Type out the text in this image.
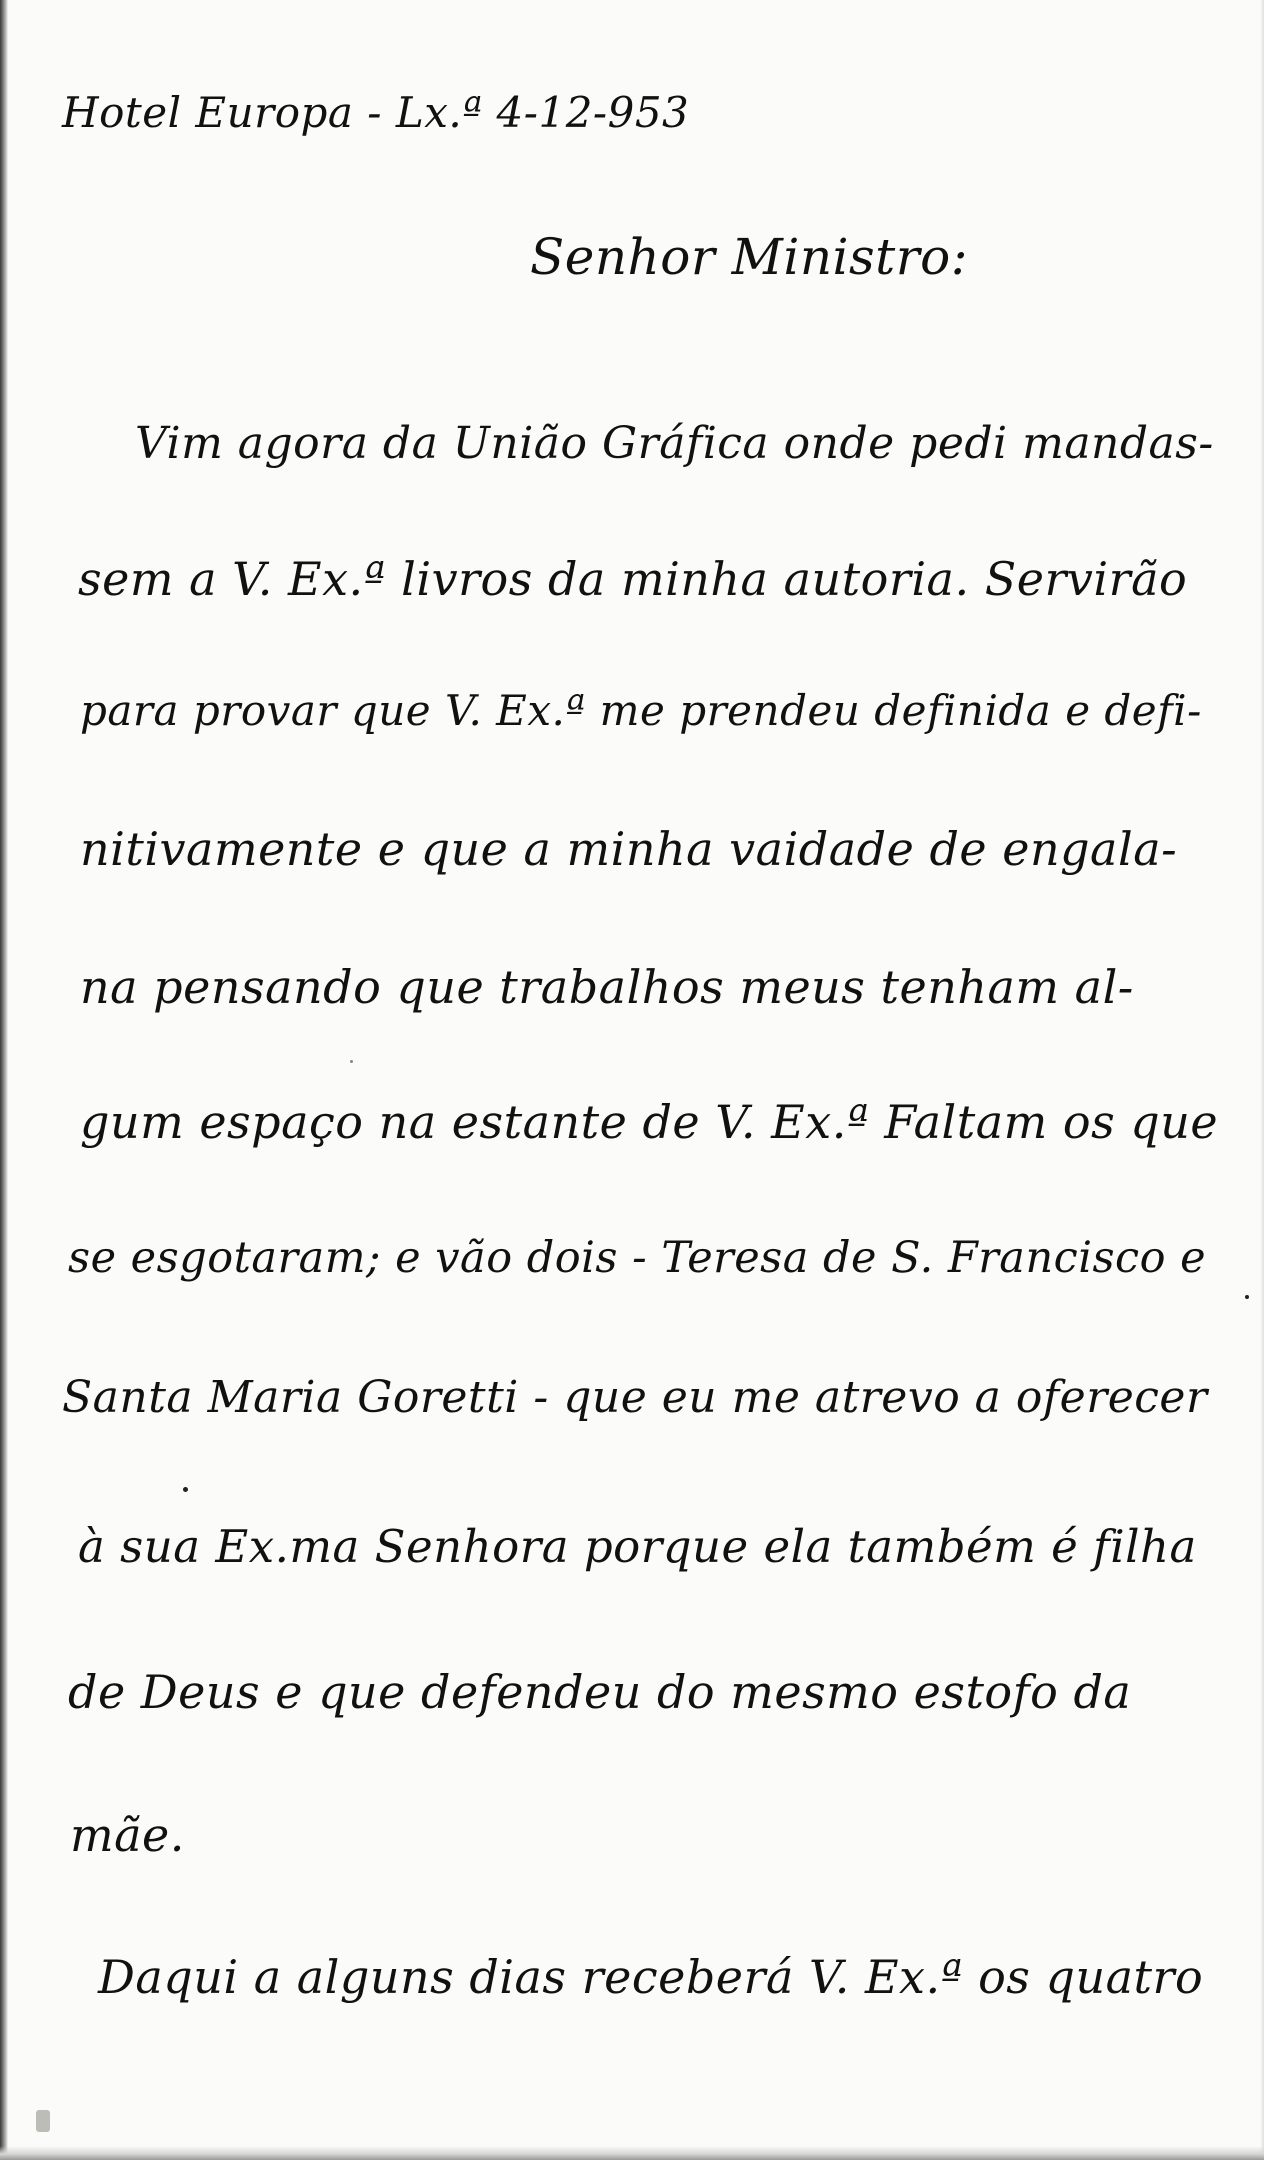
Hotel Europa - Lx.ª 4-12-953
Senhor Ministro:
Vim agora da União Gráfica onde pedi mandas-
sem a V. Ex.ª livros da minha autoria. Servirão
para provar que V. Ex.ª me prendeu definida e defi-
nitivamente e que a minha vaidade de engala-
na pensando que trabalhos meus tenham al-
gum espaço na estante de V. Ex.ª Faltam os que
se esgotaram; e vão dois - Teresa de S. Francisco e
Santa Maria Goretti - que eu me atrevo a oferecer
à sua Ex.ma Senhora porque ela também é filha
de Deus e que defendeu do mesmo estofo da
mãe.
Daqui a alguns dias receberá V. Ex.ª os quatro
